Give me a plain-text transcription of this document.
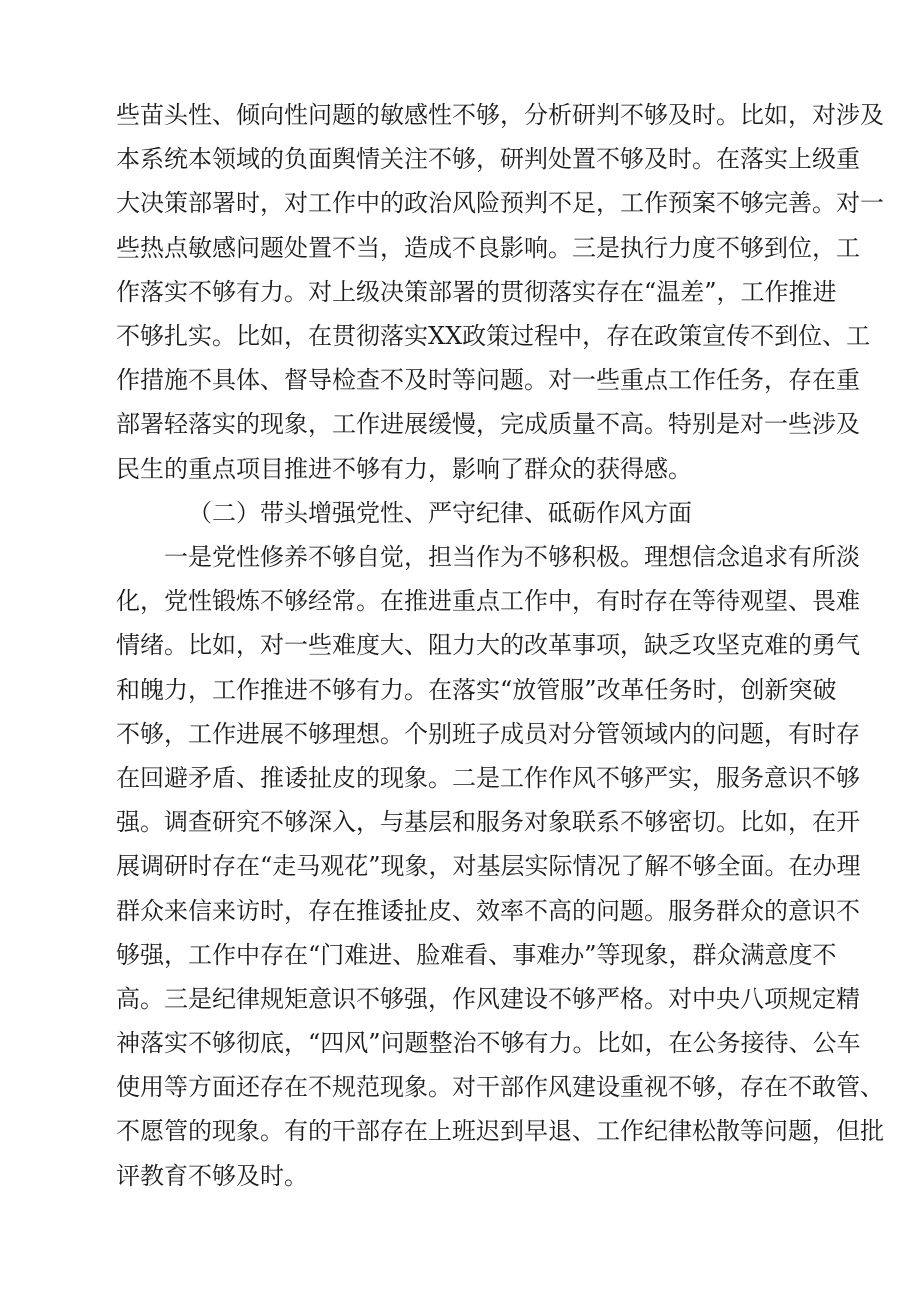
些苗头性、倾向性问题的敏感性不够，分析研判不够及时。比如，对涉及
本系统本领域的负面舆情关注不够，研判处置不够及时。在落实上级重
大决策部署时，对工作中的政治风险预判不足，工作预案不够完善。对一
些热点敏感问题处置不当，造成不良影响。三是执行力度不够到位，工
作落实不够有力。对上级决策部署的贯彻落实存在“温差”，工作推进
不够扎实。比如，在贯彻落实XX政策过程中，存在政策宣传不到位、工
作措施不具体、督导检查不及时等问题。对一些重点工作任务，存在重
部署轻落实的现象，工作进展缓慢，完成质量不高。特别是对一些涉及
民生的重点项目推进不够有力，影响了群众的获得感。
（二）带头增强党性、严守纪律、砥砺作风方面
一是党性修养不够自觉，担当作为不够积极。理想信念追求有所淡
化，党性锻炼不够经常。在推进重点工作中，有时存在等待观望、畏难
情绪。比如，对一些难度大、阻力大的改革事项，缺乏攻坚克难的勇气
和魄力，工作推进不够有力。在落实“放管服”改革任务时，创新突破
不够，工作进展不够理想。个别班子成员对分管领域内的问题，有时存
在回避矛盾、推诿扯皮的现象。二是工作作风不够严实，服务意识不够
强。调查研究不够深入，与基层和服务对象联系不够密切。比如，在开
展调研时存在“走马观花”现象，对基层实际情况了解不够全面。在办理
群众来信来访时，存在推诿扯皮、效率不高的问题。服务群众的意识不
够强，工作中存在“门难进、脸难看、事难办”等现象，群众满意度不
高。三是纪律规矩意识不够强，作风建设不够严格。对中央八项规定精
神落实不够彻底，“四风”问题整治不够有力。比如，在公务接待、公车
使用等方面还存在不规范现象。对干部作风建设重视不够，存在不敢管、
不愿管的现象。有的干部存在上班迟到早退、工作纪律松散等问题，但批
评教育不够及时。
